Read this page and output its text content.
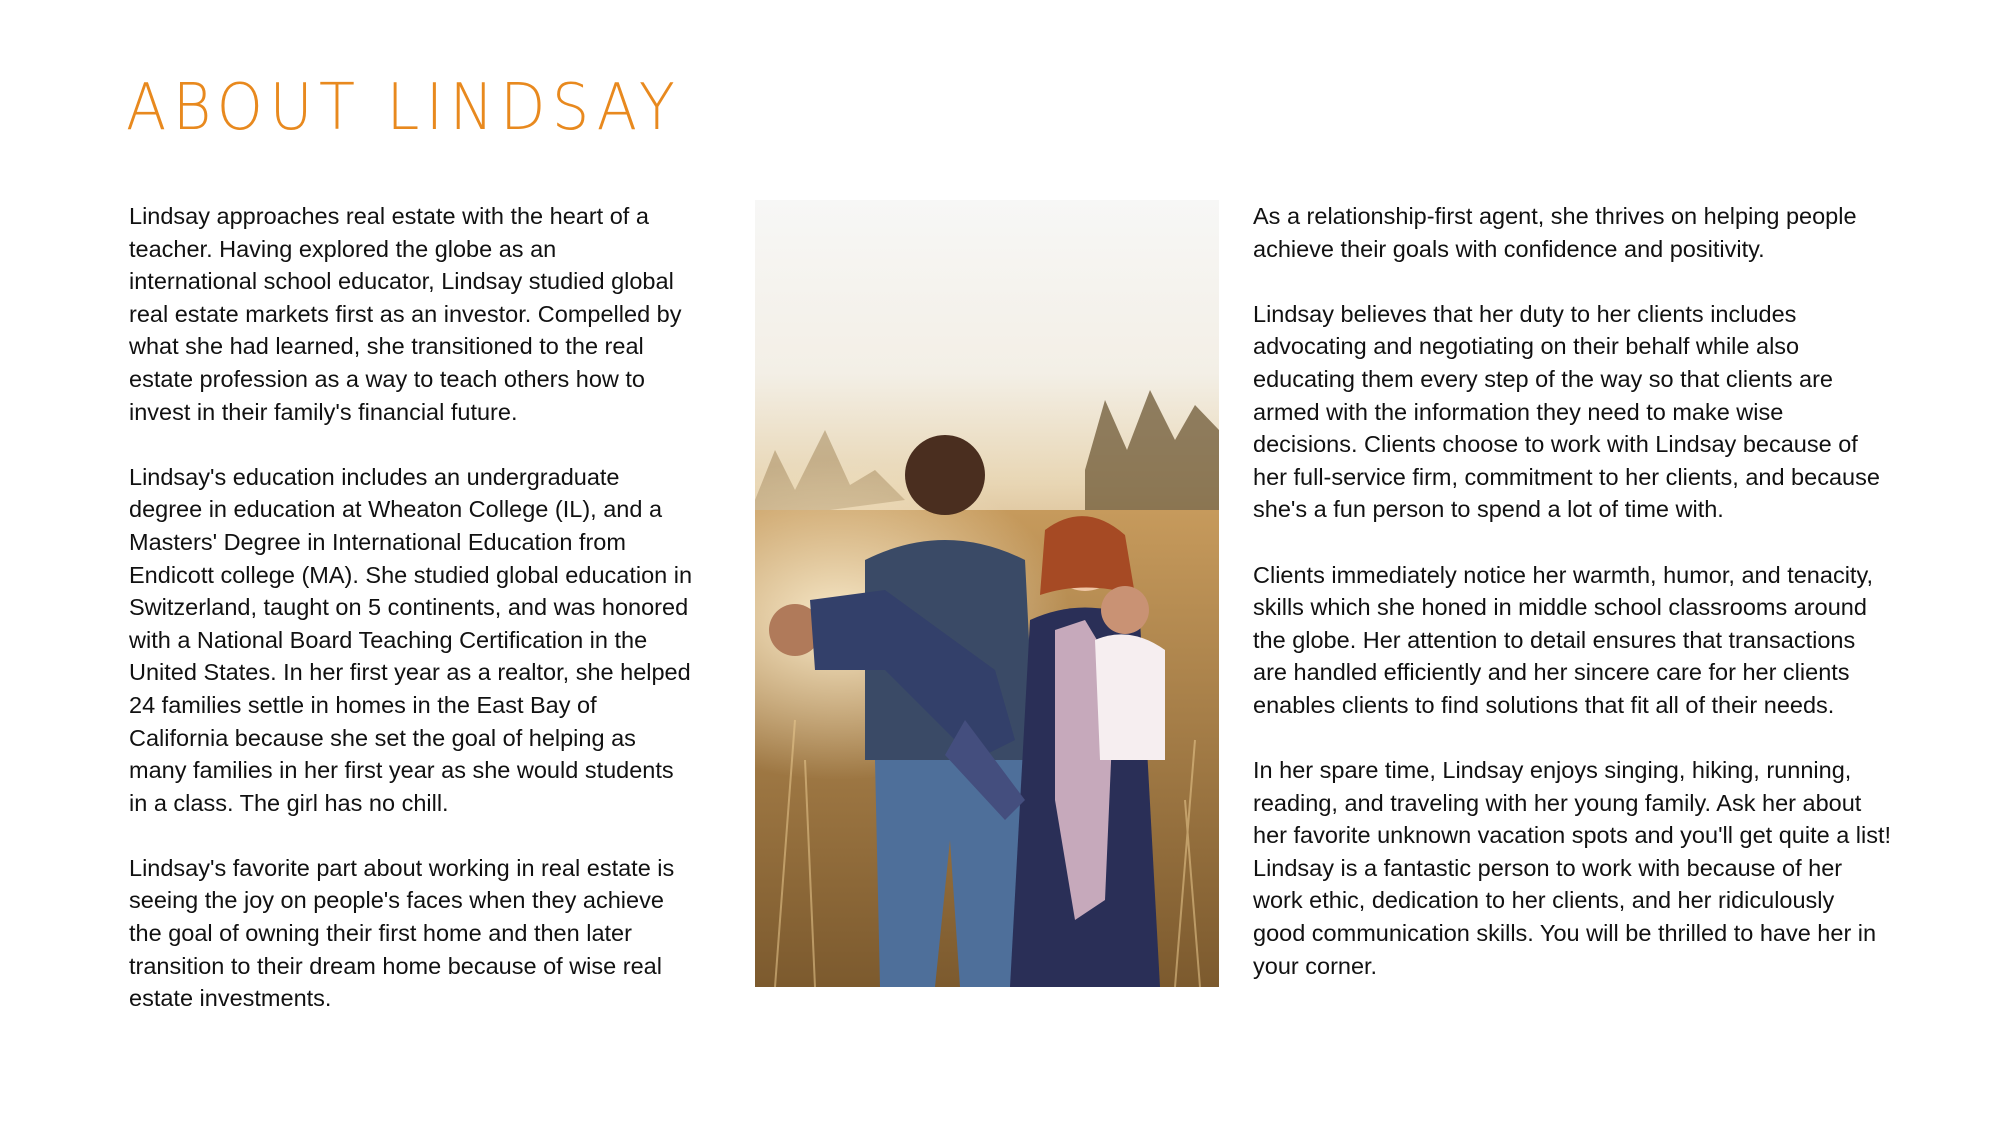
ABOUT LINDSAY

Lindsay approaches real estate with the heart of a
teacher. Having explored the globe as an
international school educator, Lindsay studied global
real estate markets first as an investor. Compelled by
what she had learned, she transitioned to the real
estate profession as a way to teach others how to
invest in their family's financial future.

Lindsay's education includes an undergraduate
degree in education at Wheaton College (IL), and a
Masters' Degree in International Education from
Endicott college (MA). She studied global education in
Switzerland, taught on 5 continents, and was honored
with a National Board Teaching Certification in the
United States. In her first year as a realtor, she helped
24 families settle in homes in the East Bay of
California because she set the goal of helping as
many families in her first year as she would students
in a class. The girl has no chill.

Lindsay's favorite part about working in real estate is
seeing the joy on people's faces when they achieve
the goal of owning their first home and then later
transition to their dream home because of wise real
estate investments.

As a relationship-first agent, she thrives on helping people
achieve their goals with confidence and positivity.

Lindsay believes that her duty to her clients includes
advocating and negotiating on their behalf while also
educating them every step of the way so that clients are
armed with the information they need to make wise
decisions. Clients choose to work with Lindsay because of
her full-service firm, commitment to her clients, and because
she's a fun person to spend a lot of time with.

Clients immediately notice her warmth, humor, and tenacity,
skills which she honed in middle school classrooms around
the globe. Her attention to detail ensures that transactions
are handled efficiently and her sincere care for her clients
enables clients to find solutions that fit all of their needs.

In her spare time, Lindsay enjoys singing, hiking, running,
reading, and traveling with her young family. Ask her about
her favorite unknown vacation spots and you'll get quite a list!
Lindsay is a fantastic person to work with because of her
work ethic, dedication to her clients, and her ridiculously
good communication skills. You will be thrilled to have her in
your corner.
